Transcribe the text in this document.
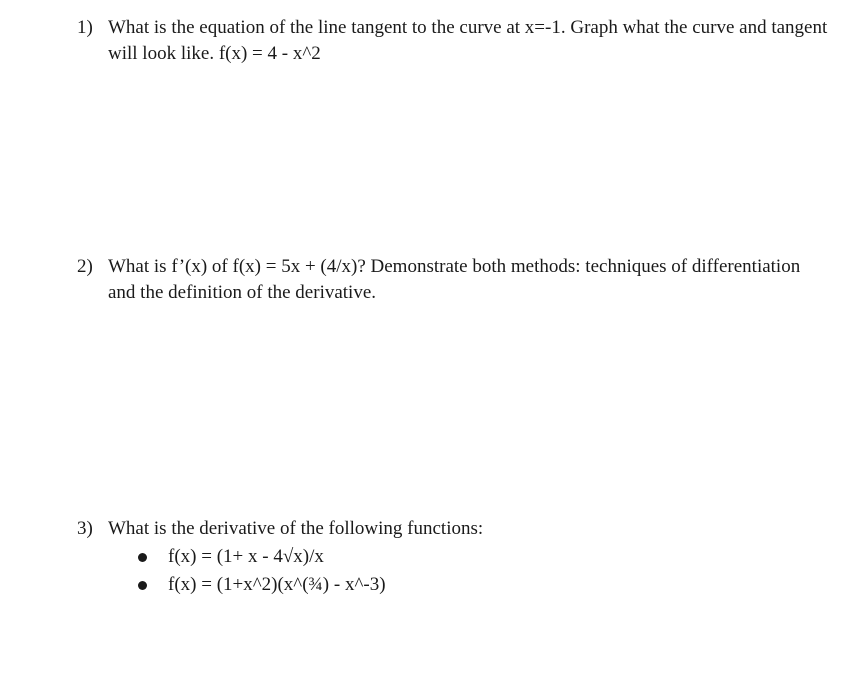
1) What is the equation of the line tangent to the curve at x=-1. Graph what the curve and tangent will look like. f(x) = 4 - x^2
2) What is f’(x) of f(x) = 5x + (4/x)? Demonstrate both methods: techniques of differentiation and the definition of the derivative.
3) What is the derivative of the following functions:
f(x) = (1+ x - 4√x)/x
f(x) = (1+x^2)(x^(¾) - x^-3)
